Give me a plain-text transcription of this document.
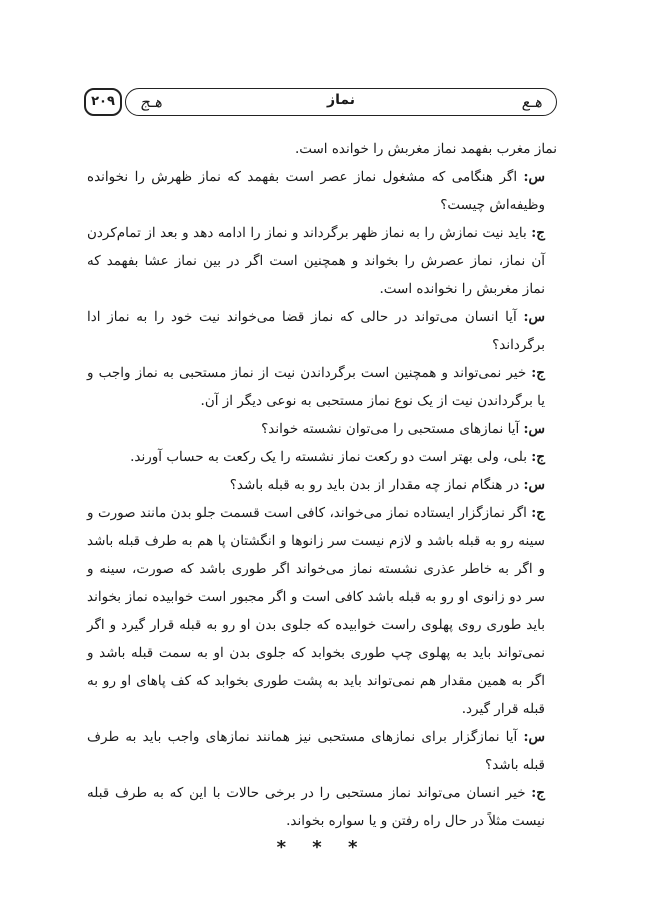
ھ‍ـ‍ع
نماز
ھ‍ـ‍ج
۲۰۹

نماز مغرب بفهمد نماز مغربش را خوانده است.

س: اگر هنگامی که مشغول نماز عصر است بفهمد که نماز ظهرش را نخوانده وظیفه‌اش چیست؟

ج: باید نیت نمازش را به نماز ظهر برگرداند و نماز را ادامه دهد و بعد از تمام‌کردن آن نماز، نماز عصرش را بخواند و همچنین است اگر در بین نماز عشا بفهمد که نماز مغربش را نخوانده است.

س: آیا انسان می‌تواند در حالی که نماز قضا می‌خواند نیت خود را به نماز ادا برگرداند؟

ج: خیر نمی‌تواند و همچنین است برگرداندن نیت از نماز مستحبی به نماز واجب و یا برگرداندن نیت از یک نوع نماز مستحبی به نوعی دیگر از آن.

س: آیا نمازهای مستحبی را می‌توان نشسته خواند؟

ج: بلی، ولی بهتر است دو رکعت نماز نشسته را یک رکعت به حساب آورند.

س: در هنگام نماز چه مقدار از بدن باید رو به قبله باشد؟

ج: اگر نمازگزار ایستاده نماز می‌خواند، کافی است قسمت جلو بدن مانند صورت و سینه رو به قبله باشد و لازم نیست سر زانوها و انگشتان پا هم به طرف قبله باشد و اگر به خاطر عذری نشسته نماز می‌خواند اگر طوری باشد که صورت، سینه و سر دو زانوی او رو به قبله باشد کافی است و اگر مجبور است خوابیده نماز بخواند باید طوری روی پهلوی راست خوابیده که جلوی بدن او رو به قبله قرار گیرد و اگر نمی‌تواند باید به پهلوی چپ طوری بخوابد که جلوی بدن او به سمت قبله باشد و اگر به همین مقدار هم نمی‌تواند باید به پشت طوری بخوابد که کف پاهای او رو به قبله قرار گیرد.

س: آیا نمازگزار برای نمازهای مستحبی نیز همانند نمازهای واجب باید به طرف قبله باشد؟

ج: خیر انسان می‌تواند نماز مستحبی را در برخی حالات با این که به طرف قبله نیست مثلاً در حال راه رفتن و یا سواره بخواند.

* * *
